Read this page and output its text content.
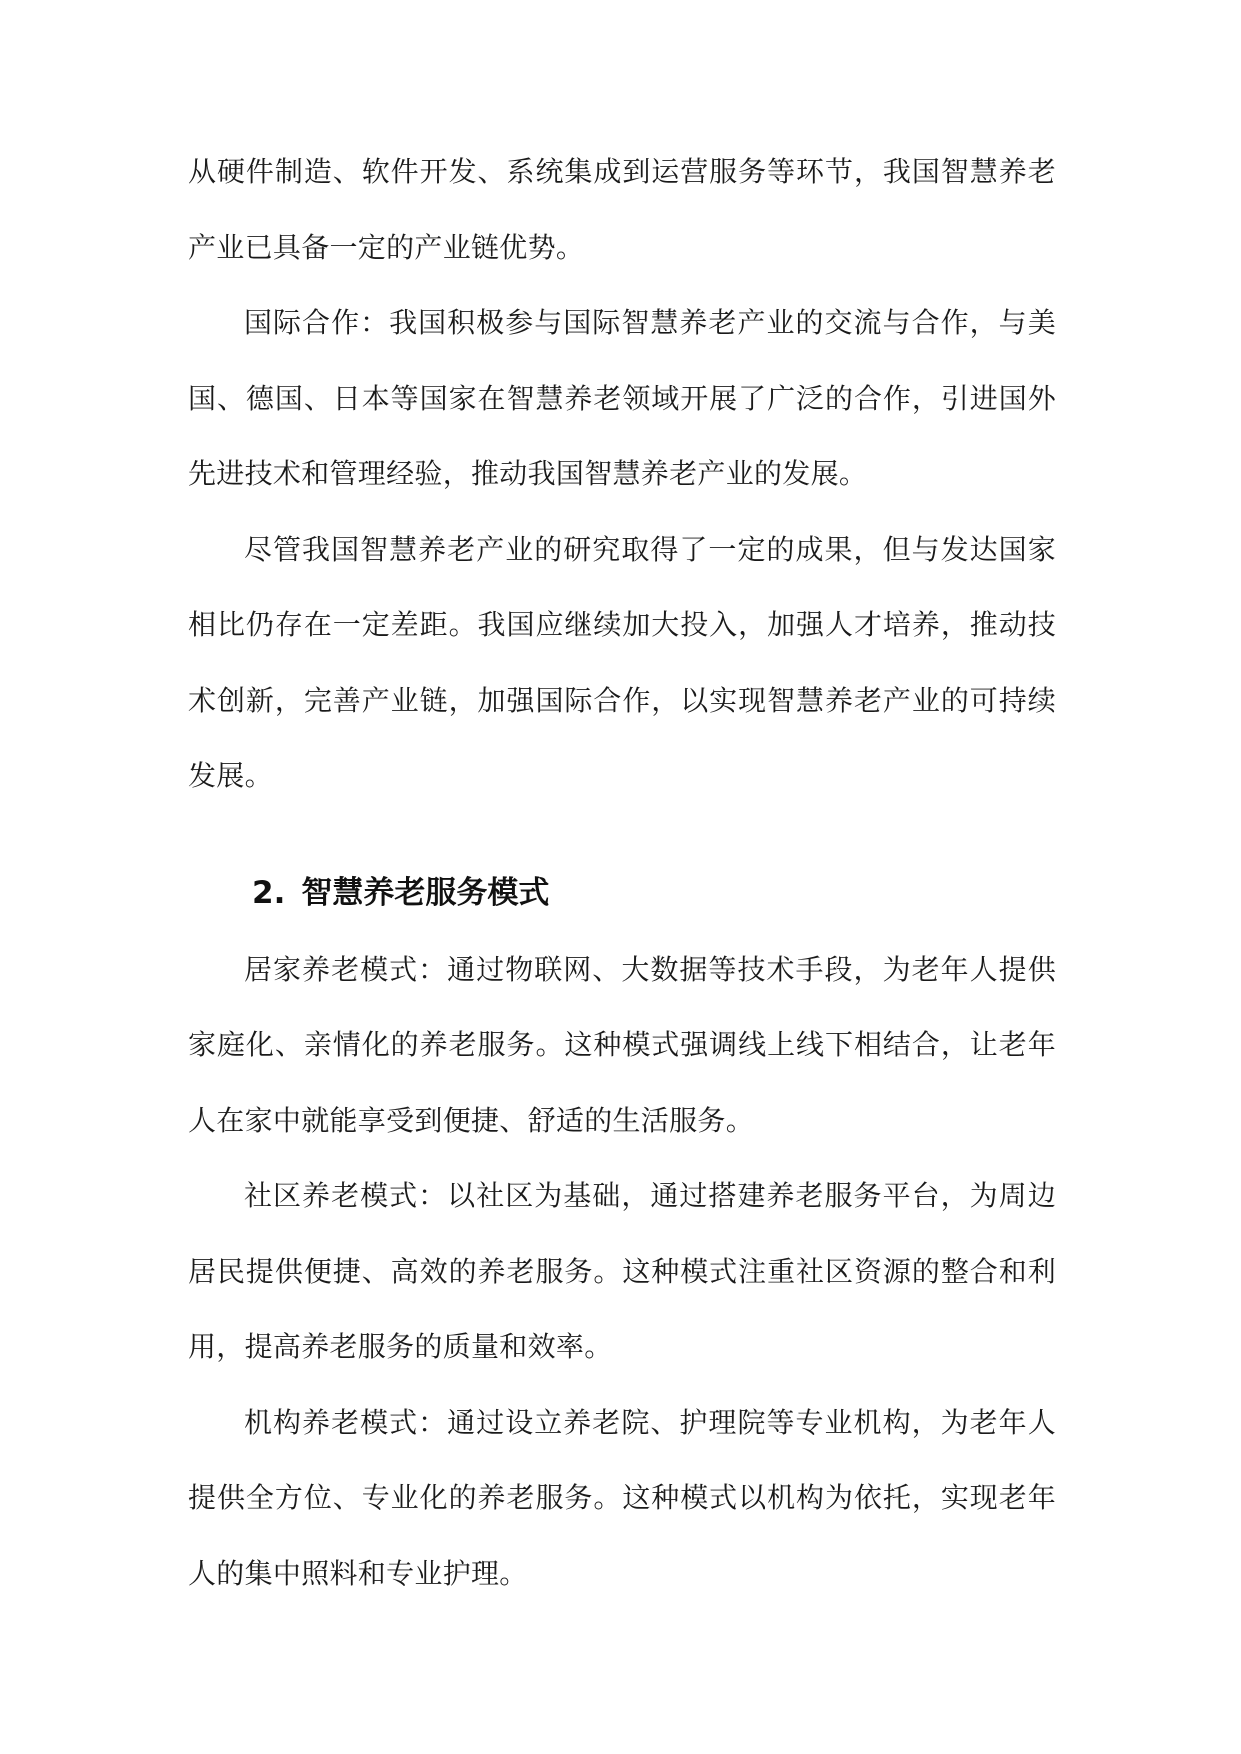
从硬件制造、软件开发、系统集成到运营服务等环节，我国智慧养老产业已具备一定的产业链优势。

国际合作：我国积极参与国际智慧养老产业的交流与合作，与美国、德国、日本等国家在智慧养老领域开展了广泛的合作，引进国外先进技术和管理经验，推动我国智慧养老产业的发展。

尽管我国智慧养老产业的研究取得了一定的成果，但与发达国家相比仍存在一定差距。我国应继续加大投入，加强人才培养，推动技术创新，完善产业链，加强国际合作，以实现智慧养老产业的可持续发展。

2. 智慧养老服务模式

居家养老模式：通过物联网、大数据等技术手段，为老年人提供家庭化、亲情化的养老服务。这种模式强调线上线下相结合，让老年人在家中就能享受到便捷、舒适的生活服务。

社区养老模式：以社区为基础，通过搭建养老服务平台，为周边居民提供便捷、高效的养老服务。这种模式注重社区资源的整合和利用，提高养老服务的质量和效率。

机构养老模式：通过设立养老院、护理院等专业机构，为老年人提供全方位、专业化的养老服务。这种模式以机构为依托，实现老年人的集中照料和专业护理。
